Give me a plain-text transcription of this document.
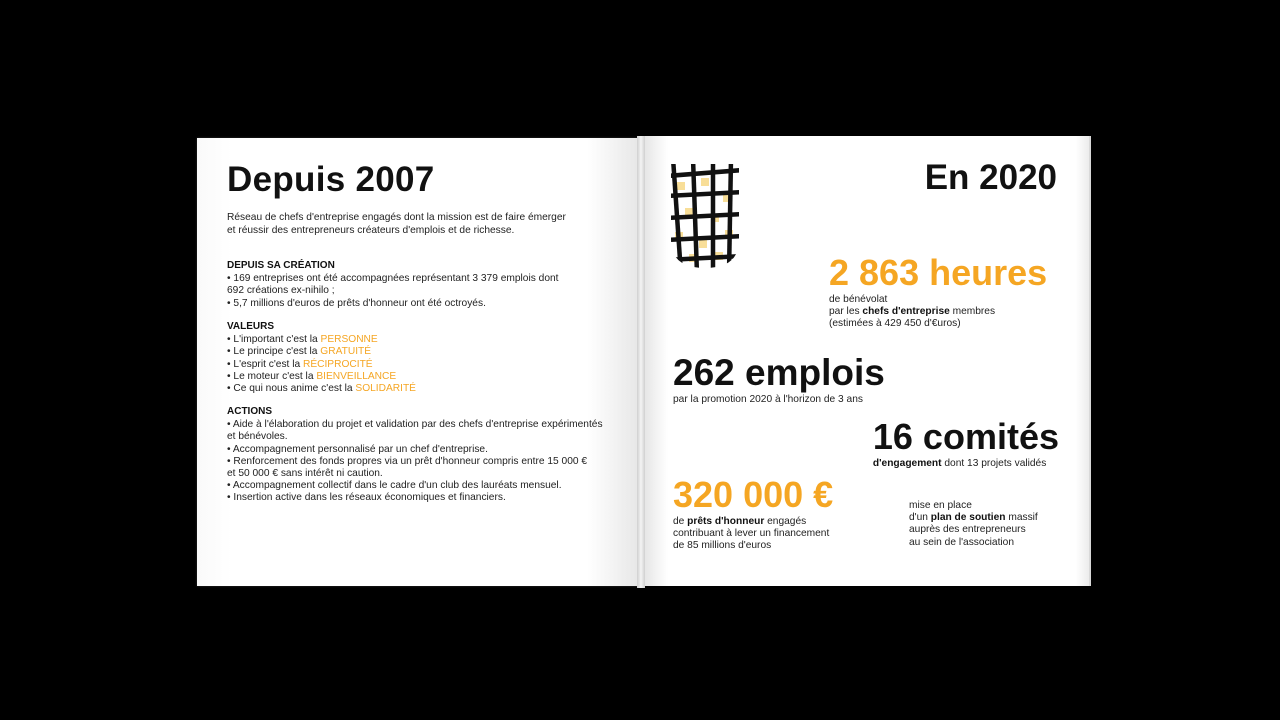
Depuis 2007

Réseau de chefs d'entreprise engagés dont la mission est de faire émerger

et réussir des entrepreneurs créateurs d'emplois et de richesse.

DEPUIS SA CRÉATION
• 169 entreprises ont été accompagnées représentant 3 379 emplois dont
692 créations ex-nihilo ;
• 5,7 millions d'euros de prêts d'honneur ont été octroyés.
VALEURS
• L'important c'est la PERSONNE
• Le principe c'est la GRATUITÉ
• L'esprit c'est la RÉCIPROCITÉ
• Le moteur c'est la BIENVEILLANCE
• Ce qui nous anime c'est la SOLIDARITÉ
ACTIONS
• Aide à l'élaboration du projet et validation par des chefs d'entreprise expérimentés
et bénévoles.
• Accompagnement personnalisé par un chef d'entreprise.
• Renforcement des fonds propres via un prêt d'honneur compris entre 15 000 €
et 50 000 € sans intérêt ni caution.
• Accompagnement collectif dans le cadre d'un club des lauréats mensuel.
• Insertion active dans les réseaux économiques et financiers.
En 2020

2 863 heures

de bénévolat

par les chefs d'entreprise membres

(estimées à 429 450 d'€uros)

262 emplois

par la promotion 2020 à l'horizon de 3 ans

16 comités

d'engagement dont 13 projets validés

320 000 €

de prêts d'honneur engagés

contribuant à lever un financement

de 85 millions d'euros

mise en place

d'un plan de soutien massif

auprès des entrepreneurs

au sein de l'association
